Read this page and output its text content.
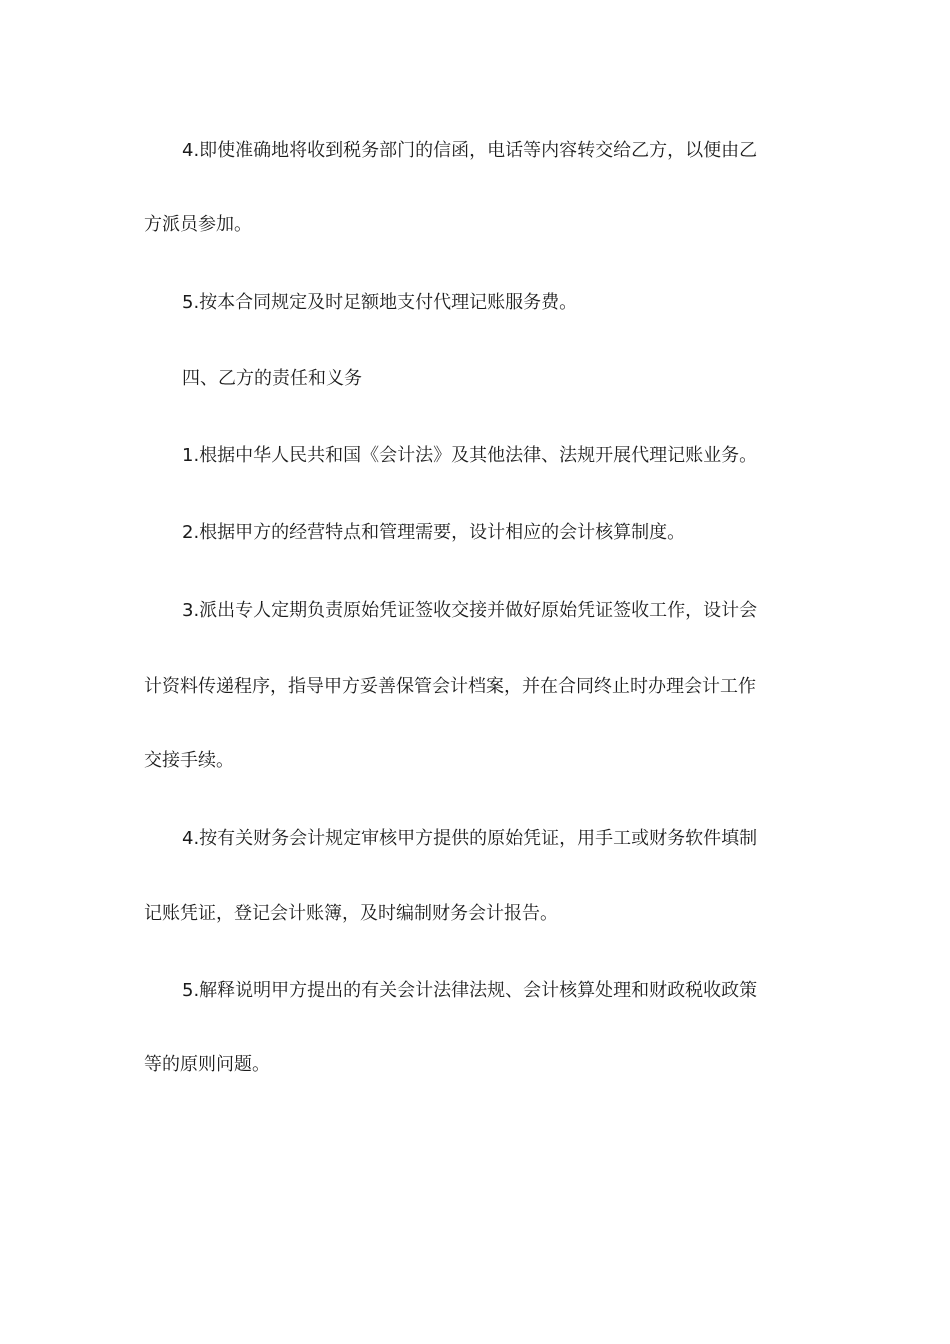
4.即使准确地将收到税务部门的信函，电话等内容转交给乙方，以便由乙
方派员参加。
5.按本合同规定及时足额地支付代理记账服务费。
四、乙方的责任和义务
1.根据中华人民共和国《会计法》及其他法律、法规开展代理记账业务。
2.根据甲方的经营特点和管理需要，设计相应的会计核算制度。
3.派出专人定期负责原始凭证签收交接并做好原始凭证签收工作，设计会
计资料传递程序，指导甲方妥善保管会计档案，并在合同终止时办理会计工作
交接手续。
4.按有关财务会计规定审核甲方提供的原始凭证，用手工或财务软件填制
记账凭证，登记会计账簿，及时编制财务会计报告。
5.解释说明甲方提出的有关会计法律法规、会计核算处理和财政税收政策
等的原则问题。
